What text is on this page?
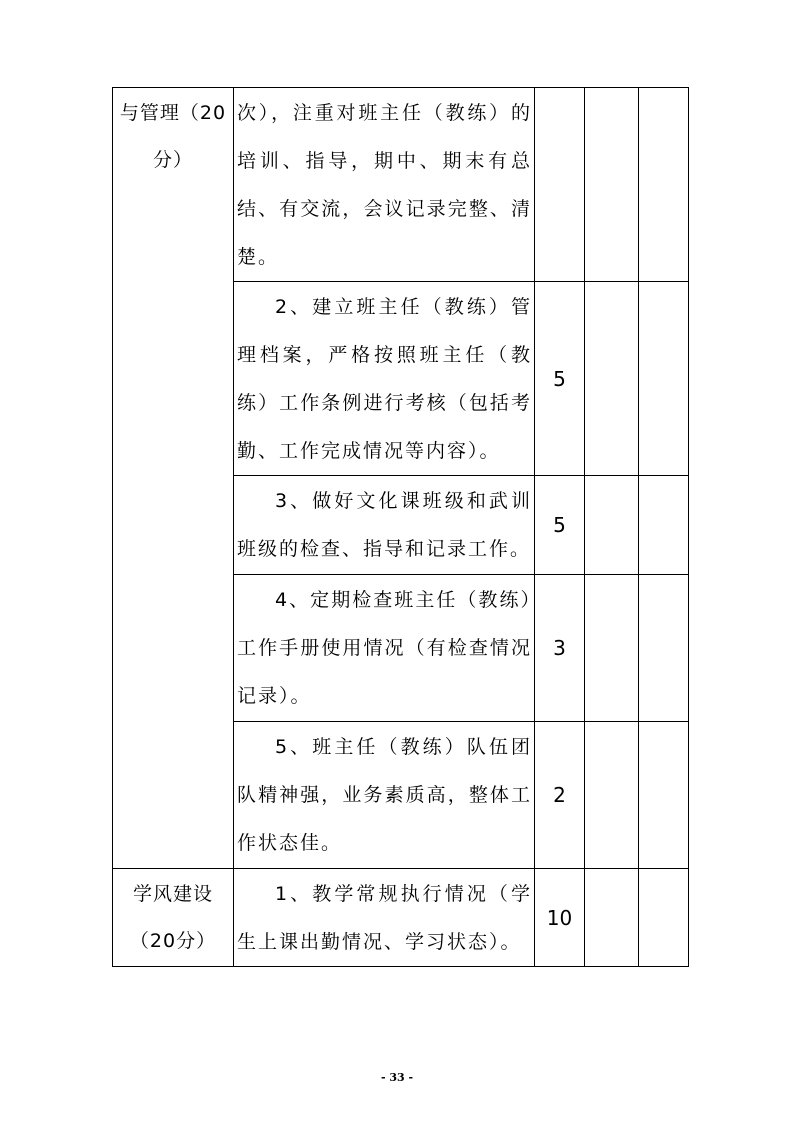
与管理（20分）	次），注重对班主任（教练）的培训、指导，期中、期末有总结、有交流，会议记录完整、清楚。			

	2、建立班主任（教练）管理档案，严格按照班主任（教练）工作条例进行考核（包括考勤、工作完成情况等内容）。	5		

	3、做好文化课班级和武训班级的检查、指导和记录工作。	5		

	4、定期检查班主任（教练）工作手册使用情况（有检查情况记录）。	3		

	5、班主任（教练）队伍团队精神强，业务素质高，整体工作状态佳。	2		

学风建设（20分）	1、教学常规执行情况（学生上课出勤情况、学习状态）。	10		
- 33 -
